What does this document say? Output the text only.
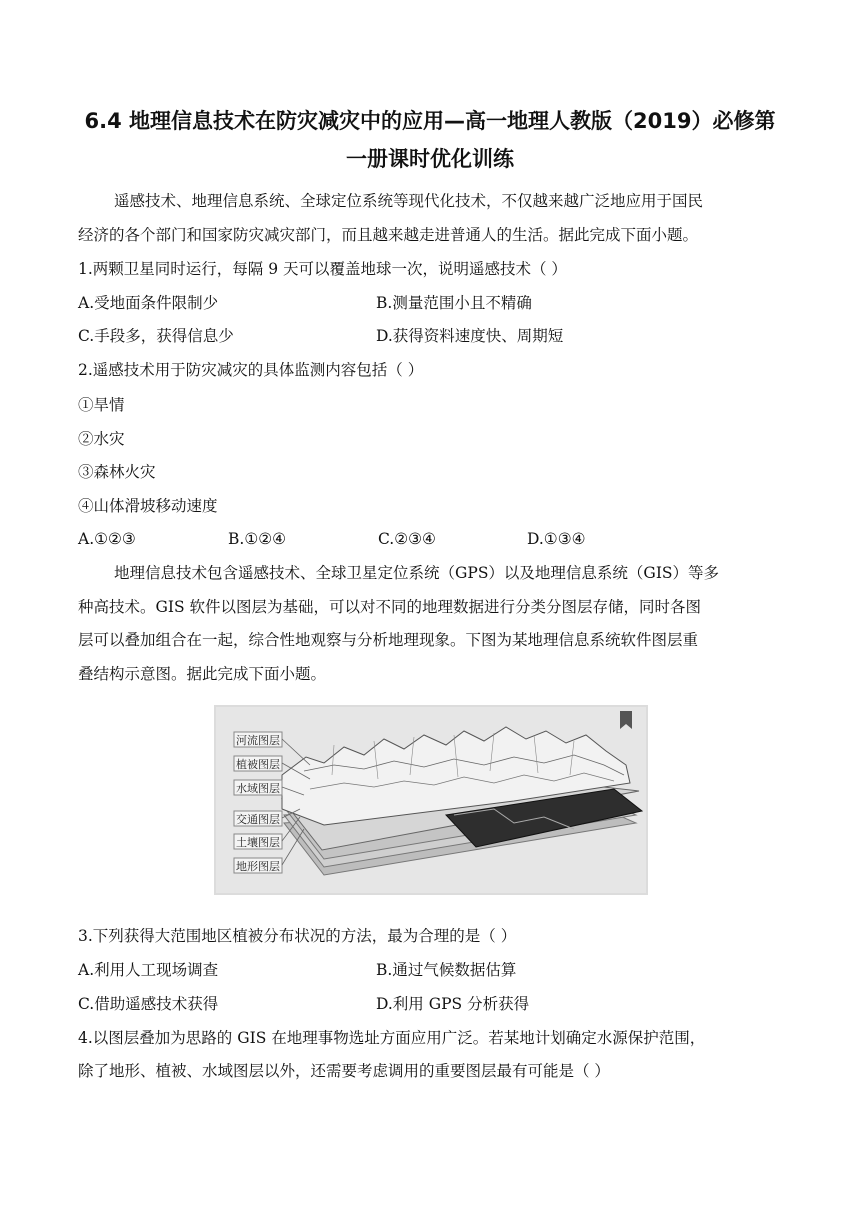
6.4 地理信息技术在防灾减灾中的应用—高一地理人教版（2019）必修第
一册课时优化训练
遥感技术、地理信息系统、全球定位系统等现代化技术，不仅越来越广泛地应用于国民
经济的各个部门和国家防灾减灾部门，而且越来越走进普通人的生活。据此完成下面小题。
1.两颗卫星同时运行，每隔 9 天可以覆盖地球一次，说明遥感技术（ ）
A.受地面条件限制少	B.测量范围小且不精确
C.手段多，获得信息少	D.获得资料速度快、周期短
2.遥感技术用于防灾减灾的具体监测内容包括（ ）
①旱情
②水灾
③森林火灾
④山体滑坡移动速度
A.①②③	B.①②④	C.②③④	D.①③④
地理信息技术包含遥感技术、全球卫星定位系统（GPS）以及地理信息系统（GIS）等多
种高技术。GIS 软件以图层为基础，可以对不同的地理数据进行分类分图层存储，同时各图
层可以叠加组合在一起，综合性地观察与分析地理现象。下图为某地理信息系统软件图层重
叠结构示意图。据此完成下面小题。
河流图层
植被图层
水域图层
交通图层
土壤图层
地形图层
3.下列获得大范围地区植被分布状况的方法，最为合理的是（ ）
A.利用人工现场调查	B.通过气候数据估算
C.借助遥感技术获得	D.利用 GPS 分析获得
4.以图层叠加为思路的 GIS 在地理事物选址方面应用广泛。若某地计划确定水源保护范围，
除了地形、植被、水域图层以外，还需要考虑调用的重要图层最有可能是（ ）
